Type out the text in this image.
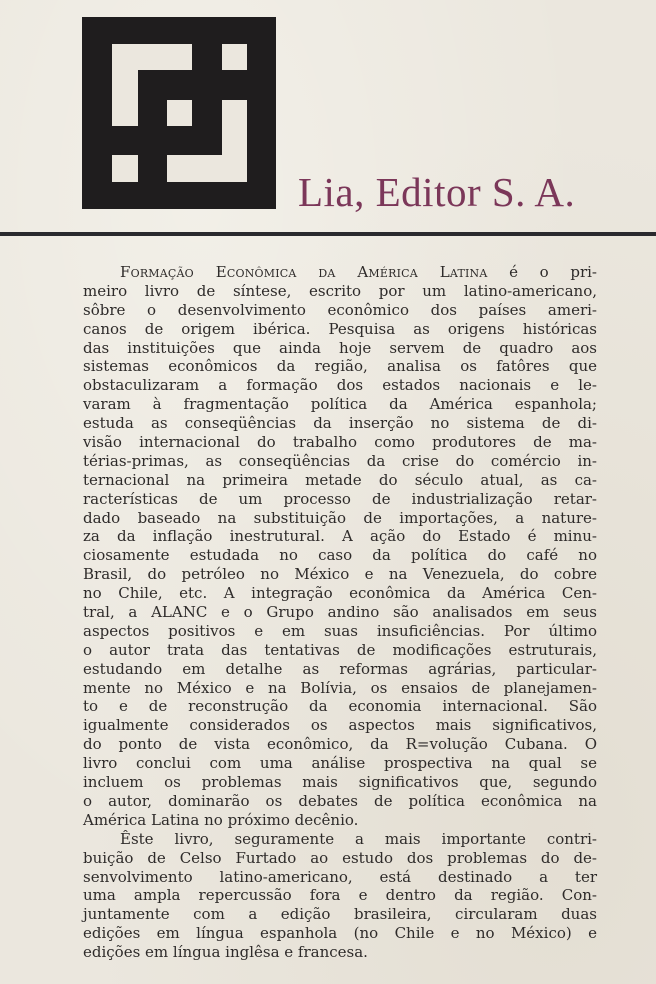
Lia, Editor S. A.
Formação Econômica da América Latina é o pri-
meiro livro de síntese, escrito por um latino-americano,
sôbre o desenvolvimento econômico dos países ameri-
canos de origem ibérica. Pesquisa as origens históricas
das instituições que ainda hoje servem de quadro aos
sistemas econômicos da região, analisa os fatôres que
obstaculizaram a formação dos estados nacionais e le-
varam à fragmentação política da América espanhola;
estuda as conseqüências da inserção no sistema de di-
visão internacional do trabalho como produtores de ma-
térias-primas, as conseqüências da crise do comércio in-
ternacional na primeira metade do século atual, as ca-
racterísticas de um processo de industrialização retar-
dado baseado na substituição de importações, a nature-
za da inflação inestrutural. A ação do Estado é minu-
ciosamente estudada no caso da política do café no
Brasil, do petróleo no México e na Venezuela, do cobre
no Chile, etc. A integração econômica da América Cen-
tral, a ALANC e o Grupo andino são analisados em seus
aspectos positivos e em suas insuficiências. Por último
o autor trata das tentativas de modificações estruturais,
estudando em detalhe as reformas agrárias, particular-
mente no México e na Bolívia, os ensaios de planejamen-
to e de reconstrução da economia internacional. São
igualmente considerados os aspectos mais significativos,
do ponto de vista econômico, da R=volução Cubana. O
livro conclui com uma análise prospectiva na qual se
incluem os problemas mais significativos que, segundo
o autor, dominarão os debates de política econômica na
América Latina no próximo decênio.
Êste livro, seguramente a mais importante contri-
buição de Celso Furtado ao estudo dos problemas do de-
senvolvimento latino-americano, está destinado a ter
uma ampla repercussão fora e dentro da região. Con-
juntamente com a edição brasileira, circularam duas
edições em língua espanhola (no Chile e no México) e
edições em língua inglêsa e francesa.
